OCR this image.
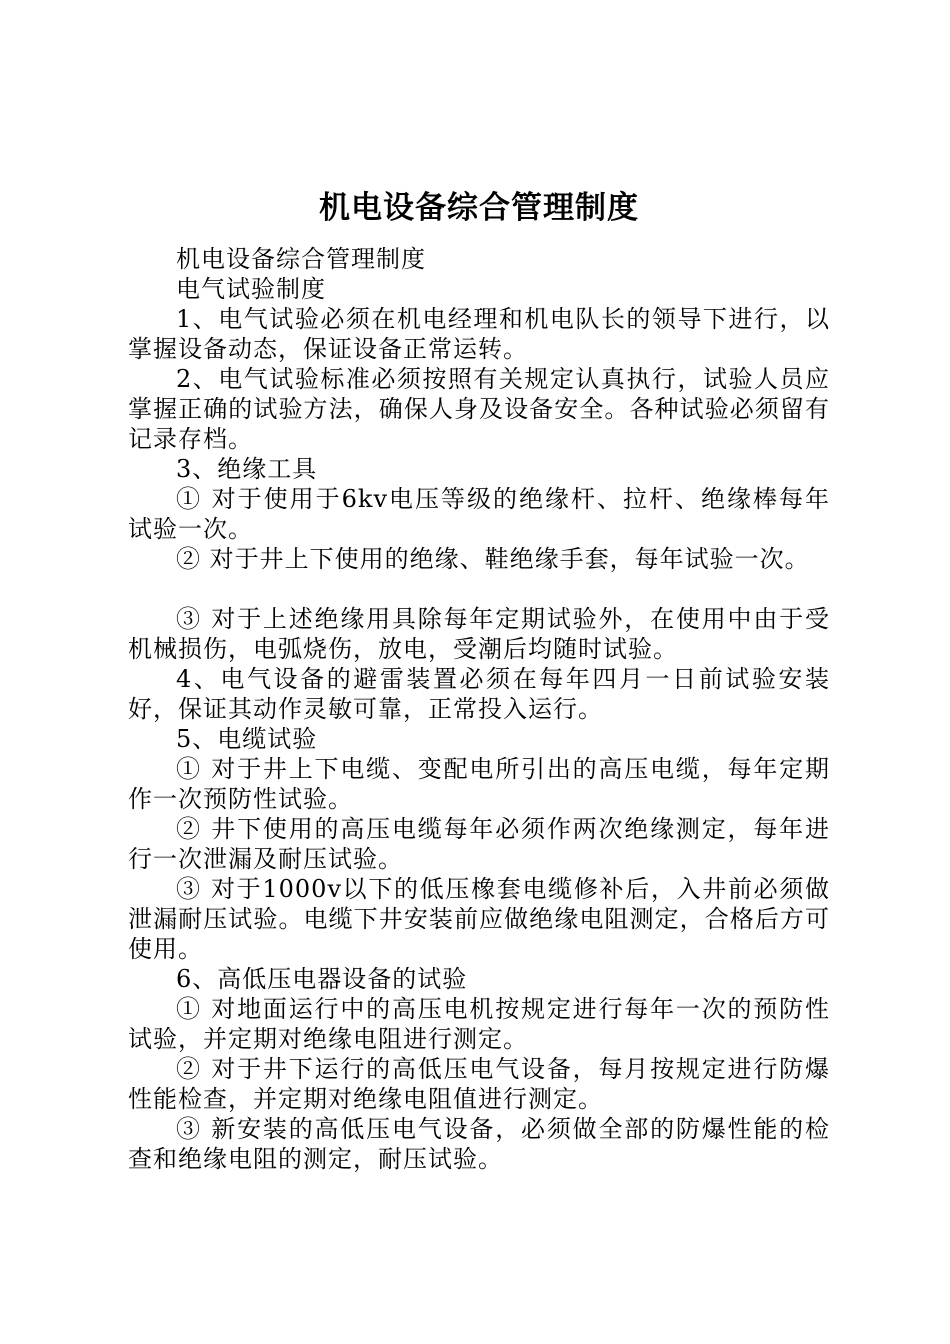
机电设备综合管理制度

机电设备综合管理制度

电气试验制度

1、电气试验必须在机电经理和机电队长的领导下进行，以掌握设备动态，保证设备正常运转。

2、电气试验标准必须按照有关规定认真执行，试验人员应掌握正确的试验方法，确保人身及设备安全。各种试验必须留有记录存档。

3、绝缘工具

① 对于使用于6kv电压等级的绝缘杆、拉杆、绝缘棒每年试验一次。

② 对于井上下使用的绝缘、鞋绝缘手套，每年试验一次。

③ 对于上述绝缘用具除每年定期试验外，在使用中由于受机械损伤，电弧烧伤，放电，受潮后均随时试验。

4、电气设备的避雷装置必须在每年四月一日前试验安装好，保证其动作灵敏可靠，正常投入运行。

5、电缆试验

① 对于井上下电缆、变配电所引出的高压电缆，每年定期作一次预防性试验。

② 井下使用的高压电缆每年必须作两次绝缘测定，每年进行一次泄漏及耐压试验。

③ 对于1000v以下的低压橡套电缆修补后，入井前必须做泄漏耐压试验。电缆下井安装前应做绝缘电阻测定，合格后方可使用。

6、高低压电器设备的试验

① 对地面运行中的高压电机按规定进行每年一次的预防性试验，并定期对绝缘电阻进行测定。

② 对于井下运行的高低压电气设备，每月按规定进行防爆性能检查，并定期对绝缘电阻值进行测定。

③ 新安装的高低压电气设备，必须做全部的防爆性能的检查和绝缘电阻的测定，耐压试验。
